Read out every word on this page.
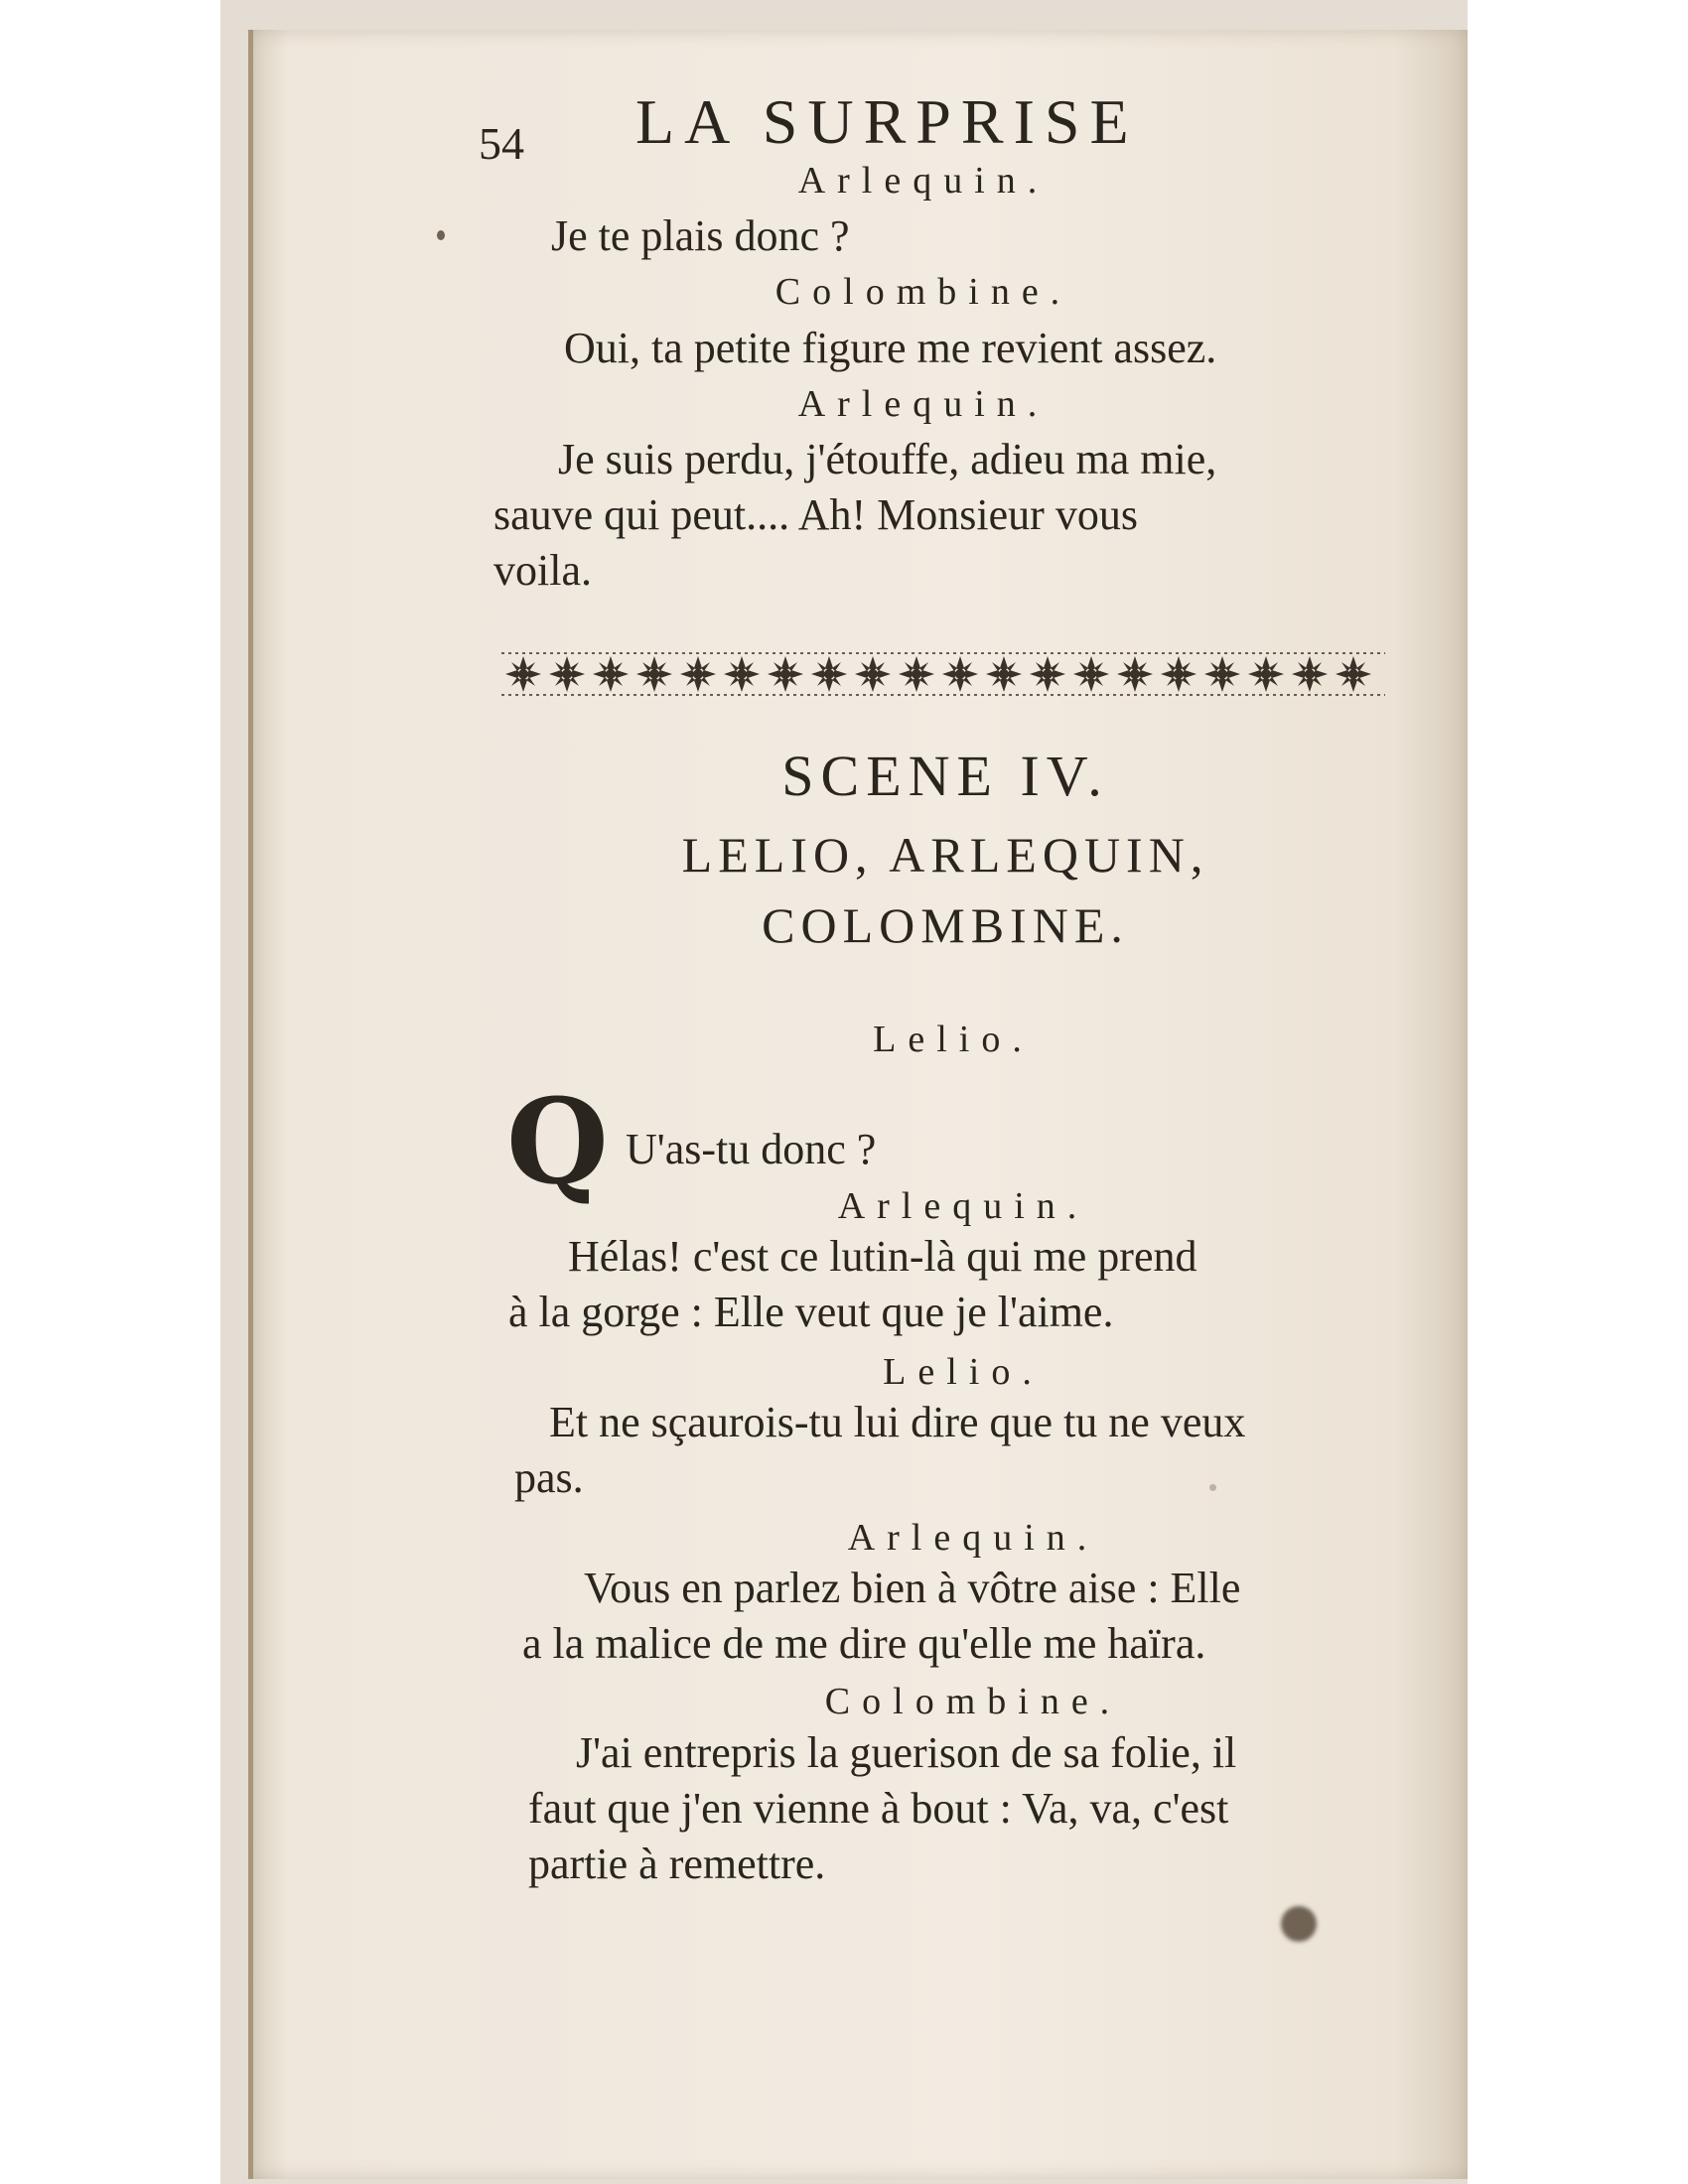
54 LA SURPRISE
Arlequin.
Je te plais donc ?
Colombine.
Oui, ta petite figure me revient assez.
Arlequin.
Je suis perdu, j'étouffe, adieu ma mie,
sauve qui peut.... Ah! Monsieur vous
voila.
SCENE IV.
LELIO, ARLEQUIN,
COLOMBINE.
Lelio.
Q U'as-tu donc ?
Arlequin.
Hélas! c'est ce lutin-là qui me prend
à la gorge : Elle veut que je l'aime.
Lelio.
Et ne sçaurois-tu lui dire que tu ne veux
pas.
Arlequin.
Vous en parlez bien à vôtre aise : Elle
a la malice de me dire qu'elle me haïra.
Colombine.
J'ai entrepris la guerison de sa folie, il
faut que j'en vienne à bout : Va, va, c'est
partie à remettre.
